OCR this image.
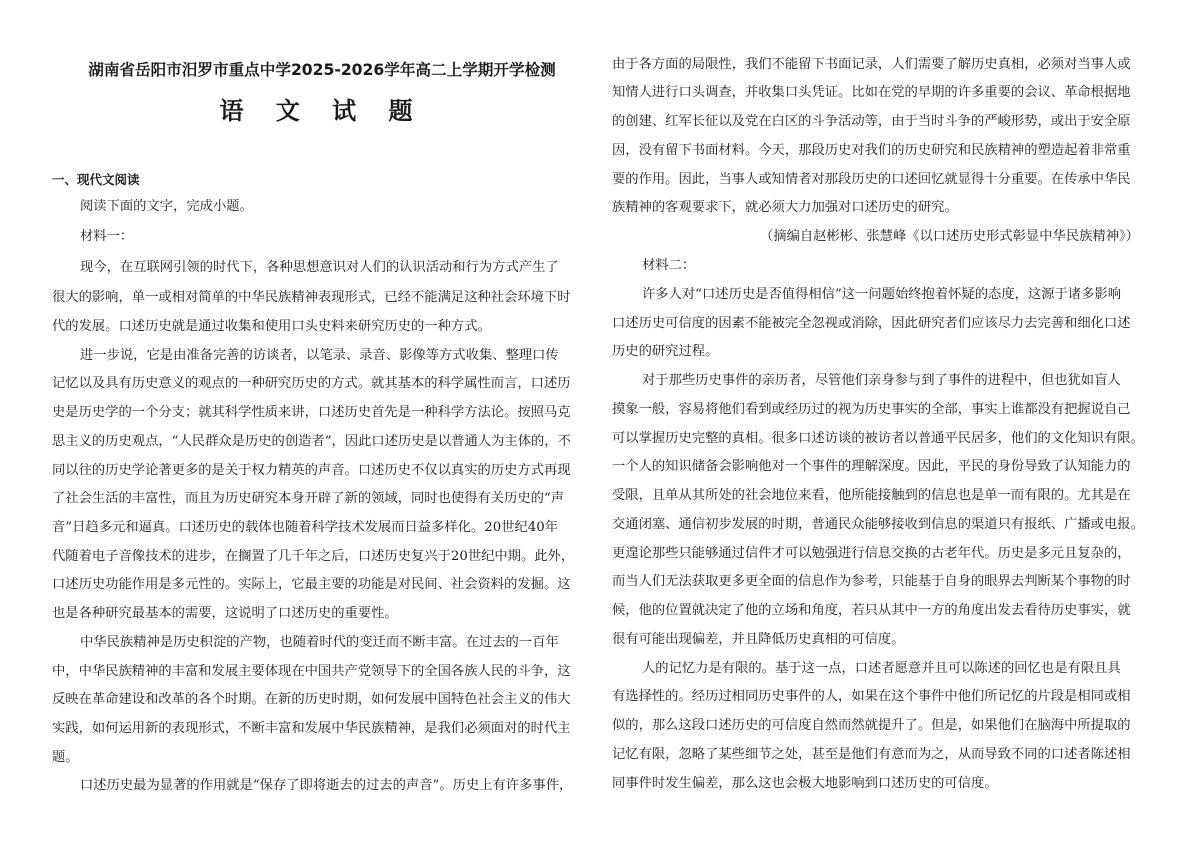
湖南省岳阳市汨罗市重点中学2025-2026学年高二上学期开学检测
语 文 试 题
一、现代文阅读
阅读下面的文字，完成小题。
材料一：
现今，在互联网引领的时代下，各种思想意识对人们的认识活动和行为方式产生了
很大的影响，单一或相对简单的中华民族精神表现形式，已经不能满足这种社会环境下时
代的发展。口述历史就是通过收集和使用口头史料来研究历史的一种方式。
进一步说，它是由准备完善的访谈者，以笔录、录音、影像等方式收集、整理口传
记忆以及具有历史意义的观点的一种研究历史的方式。就其基本的科学属性而言，口述历
史是历史学的一个分支；就其科学性质来讲，口述历史首先是一种科学方法论。按照马克
思主义的历史观点，“人民群众是历史的创造者”，因此口述历史是以普通人为主体的，不
同以往的历史学论著更多的是关于权力精英的声音。口述历史不仅以真实的历史方式再现
了社会生活的丰富性，而且为历史研究本身开辟了新的领域，同时也使得有关历史的“声
音”日趋多元和逼真。口述历史的载体也随着科学技术发展而日益多样化。20世纪40年
代随着电子音像技术的进步，在搁置了几千年之后，口述历史复兴于20世纪中期。此外，
口述历史功能作用是多元性的。实际上，它最主要的功能是对民间、社会资料的发掘。这
也是各种研究最基本的需要，这说明了口述历史的重要性。
中华民族精神是历史积淀的产物，也随着时代的变迁而不断丰富。在过去的一百年
中，中华民族精神的丰富和发展主要体现在中国共产党领导下的全国各族人民的斗争，这
反映在革命建设和改革的各个时期。在新的历史时期，如何发展中国特色社会主义的伟大
实践，如何运用新的表现形式，不断丰富和发展中华民族精神，是我们必须面对的时代主
题。
口述历史最为显著的作用就是“保存了即将逝去的过去的声音”。历史上有许多事件，
由于各方面的局限性，我们不能留下书面记录，人们需要了解历史真相，必须对当事人或
知情人进行口头调查，并收集口头凭证。比如在党的早期的许多重要的会议、革命根据地
的创建、红军长征以及党在白区的斗争活动等，由于当时斗争的严峻形势，或出于安全原
因，没有留下书面材料。今天，那段历史对我们的历史研究和民族精神的塑造起着非常重
要的作用。因此，当事人或知情者对那段历史的口述回忆就显得十分重要。在传承中华民
族精神的客观要求下，就必须大力加强对口述历史的研究。
（摘编自赵彬彬、张慧峰《以口述历史形式彰显中华民族精神》）
材料二：
许多人对“口述历史是否值得相信”这一问题始终抱着怀疑的态度，这源于诸多影响
口述历史可信度的因素不能被完全忽视或消除，因此研究者们应该尽力去完善和细化口述
历史的研究过程。
对于那些历史事件的亲历者，尽管他们亲身参与到了事件的进程中，但也犹如盲人
摸象一般，容易将他们看到或经历过的视为历史事实的全部，事实上谁都没有把握说自己
可以掌握历史完整的真相。很多口述访谈的被访者以普通平民居多，他们的文化知识有限。
一个人的知识储备会影响他对一个事件的理解深度。因此，平民的身份导致了认知能力的
受限，且单从其所处的社会地位来看，他所能接触到的信息也是单一而有限的。尤其是在
交通闭塞、通信初步发展的时期，普通民众能够接收到信息的渠道只有报纸、广播或电报。
更遑论那些只能够通过信件才可以勉强进行信息交换的古老年代。历史是多元且复杂的，
而当人们无法获取更多更全面的信息作为参考，只能基于自身的眼界去判断某个事物的时
候，他的位置就决定了他的立场和角度，若只从其中一方的角度出发去看待历史事实，就
很有可能出现偏差，并且降低历史真相的可信度。
人的记忆力是有限的。基于这一点，口述者愿意并且可以陈述的回忆也是有限且具
有选择性的。经历过相同历史事件的人，如果在这个事件中他们所记忆的片段是相同或相
似的，那么这段口述历史的可信度自然而然就提升了。但是，如果他们在脑海中所提取的
记忆有限，忽略了某些细节之处，甚至是他们有意而为之，从而导致不同的口述者陈述相
同事件时发生偏差，那么这也会极大地影响到口述历史的可信度。
